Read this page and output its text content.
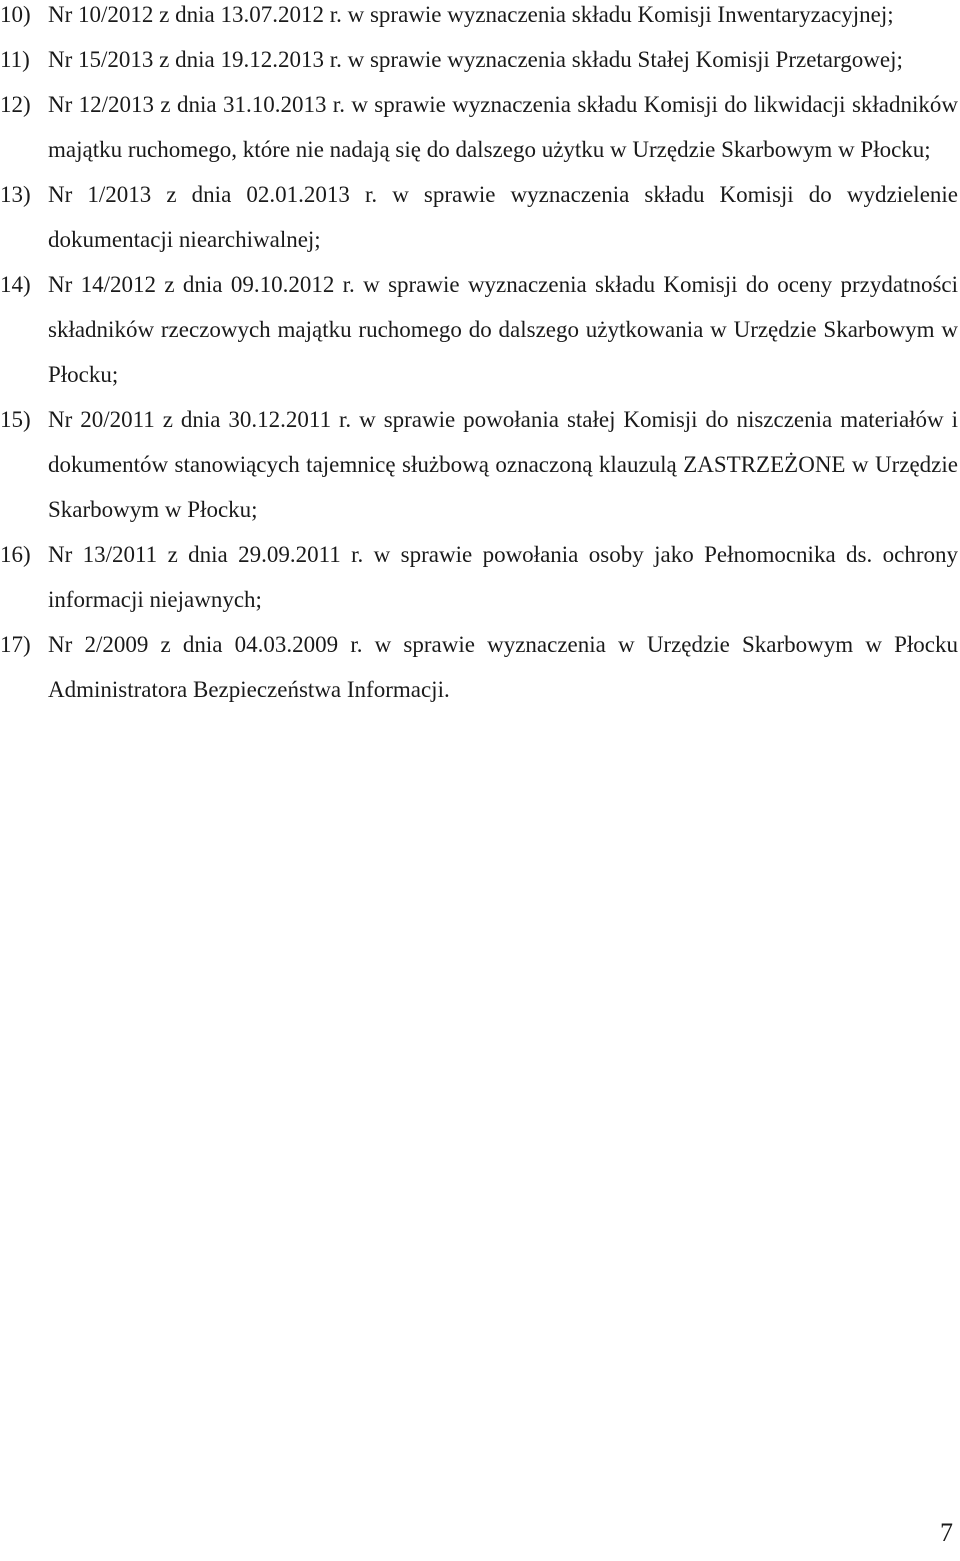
10) Nr 10/2012 z dnia 13.07.2012 r. w sprawie wyznaczenia składu Komisji Inwentaryzacyjnej;
11) Nr 15/2013 z dnia 19.12.2013 r. w sprawie wyznaczenia składu Stałej Komisji Przetargowej;
12) Nr 12/2013 z dnia 31.10.2013 r. w sprawie wyznaczenia składu Komisji do likwidacji składników majątku ruchomego, które nie nadają się do dalszego użytku w Urzędzie Skarbowym w Płocku;
13) Nr 1/2013 z dnia 02.01.2013 r. w sprawie wyznaczenia składu Komisji do wydzielenie dokumentacji niearchiwalnej;
14) Nr 14/2012 z dnia 09.10.2012 r. w sprawie wyznaczenia składu Komisji do oceny przydatności składników rzeczowych majątku ruchomego do dalszego użytkowania w Urzędzie Skarbowym w Płocku;
15) Nr 20/2011 z dnia 30.12.2011 r. w sprawie powołania stałej Komisji do niszczenia materiałów i dokumentów stanowiących tajemnicę służbową oznaczoną klauzulą ZASTRZEŻONE w Urzędzie Skarbowym w Płocku;
16) Nr 13/2011 z dnia 29.09.2011 r. w sprawie powołania osoby jako Pełnomocnika ds. ochrony informacji niejawnych;
17) Nr 2/2009 z dnia 04.03.2009 r. w sprawie wyznaczenia w Urzędzie Skarbowym w Płocku Administratora Bezpieczeństwa Informacji.
7
